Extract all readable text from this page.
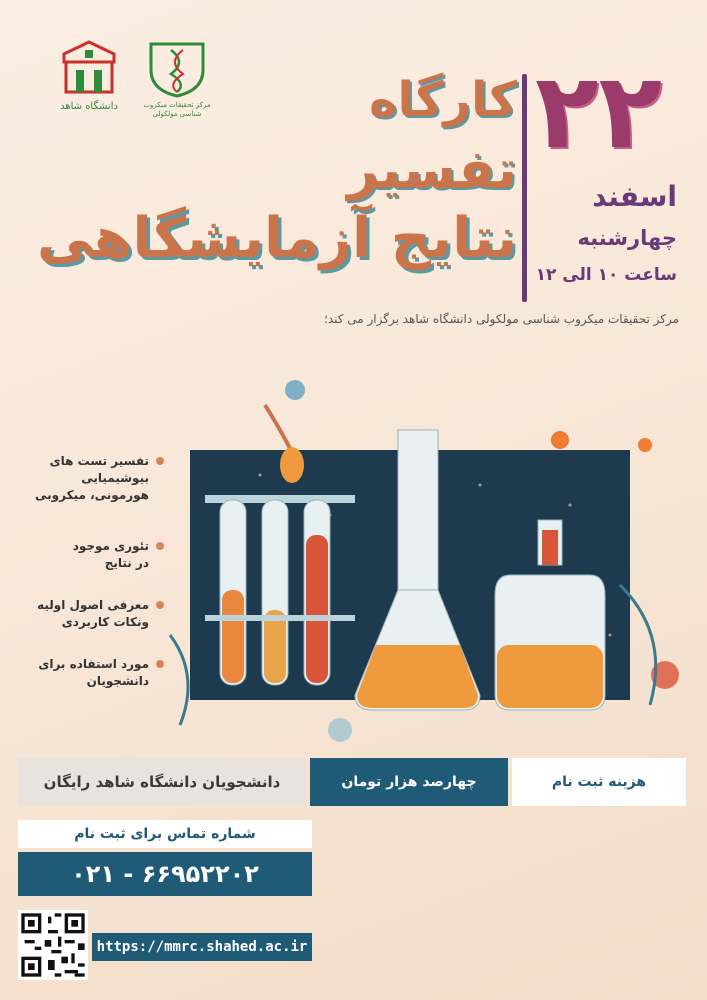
دانشگاه شاهد	مرکز تحقیقات میکروب شناسی مولکولی	کارگاه
تفسیر
نتایج آزمایشگاهی
۲۲
اسفند
چهارشنبه
ساعت ۱۰ الی ۱۲
مرکز تحقیقات میکروب شناسی مولکولی دانشگاه شاهد برگزار می کند؛
تفسیر تست های
بیوشیمیایی
هورمونی، میکروبی
تئوری موجود
در نتایج
معرفی اصول اولیه
ونکات کاربردی
مورد استفاده برای
دانشجویان
دانشجویان دانشگاه شاهد رایگان	چهارصد هزار تومان	هزینه ثبت نام
شماره تماس برای ثبت نام
۰۲۱ - ۶۶۹۵۲۲۰۲
https://mmrc.shahed.ac.ir
